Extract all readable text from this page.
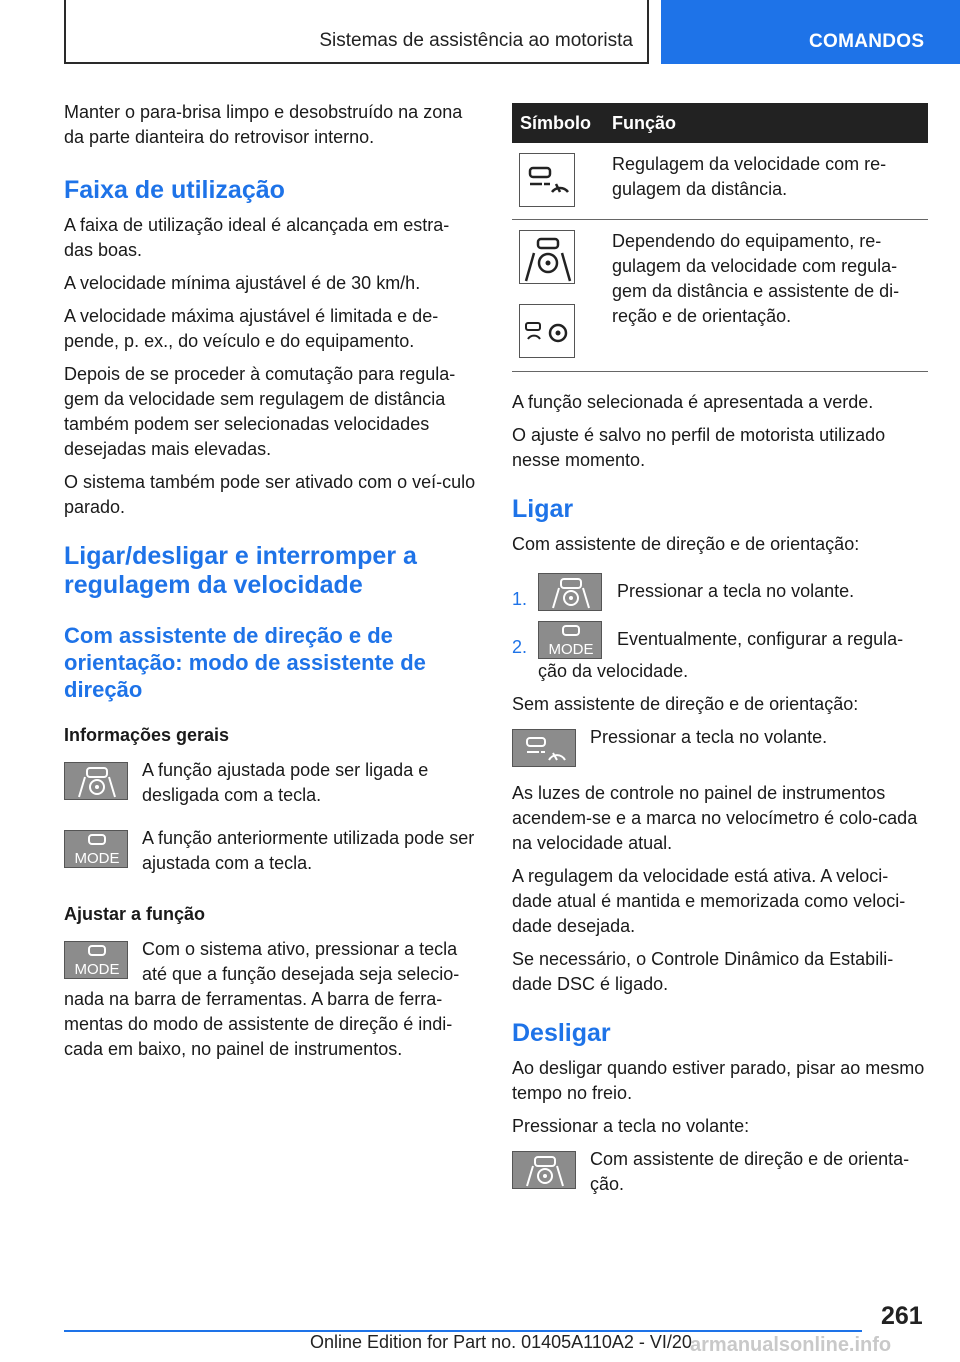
Sistemas de assistência ao motorista	COMANDOS

Manter o para-brisa limpo e desobstruído na zona da parte dianteira do retrovisor interno.

Faixa de utilização

A faixa de utilização ideal é alcançada em estra-das boas.

A velocidade mínima ajustável é de 30 km/h.

A velocidade máxima ajustável é limitada e de-pende, p. ex., do veículo e do equipamento.

Depois de se proceder à comutação para regula-gem da velocidade sem regulagem de distância também podem ser selecionadas velocidades desejadas mais elevadas.

O sistema também pode ser ativado com o veí-culo parado.

Ligar/desligar e interromper a regulagem da velocidade
Com assistente de direção e de orientação: modo de assistente de direção
Informações gerais
A função ajustada pode ser ligada e desligada com a tecla.
MODE
A função anteriormente utilizada pode ser ajustada com a tecla.
Ajustar a função

MODE
Com o sistema ativo, pressionar a tecla até que a função desejada seja selecio-nada na barra de ferramentas. A barra de ferra-mentas do modo de assistente de direção é indi-cada em baixo, no painel de instrumentos.

Símbolo	Função

	Regulagem da velocidade com re-gulagem da distância.

	Dependendo do equipamento, re-gulagem da velocidade com regula-gem da distância e assistente de di-reção e de orientação.

A função selecionada é apresentada a verde.

O ajuste é salvo no perfil de motorista utilizado nesse momento.

Ligar

Com assistente de direção e de orientação:

1.	Pressionar a tecla no volante.
2. MODE
Eventualmente, configurar a regula-ção da velocidade.

Sem assistente de direção e de orientação:

Pressionar a tecla no volante.

As luzes de controle no painel de instrumentos acendem-se e a marca no velocímetro é colo-cada na velocidade atual.

A regulagem da velocidade está ativa. A veloci-dade atual é mantida e memorizada como veloci-dade desejada.

Se necessário, o Controle Dinâmico da Estabili-dade DSC é ligado.

Desligar

Ao desligar quando estiver parado, pisar ao mesmo tempo no freio.

Pressionar a tecla no volante:

Com assistente de direção e de orienta-ção.
261
Online Edition for Part no. 01405A110A2 - VI/20
armanualsonline.info
